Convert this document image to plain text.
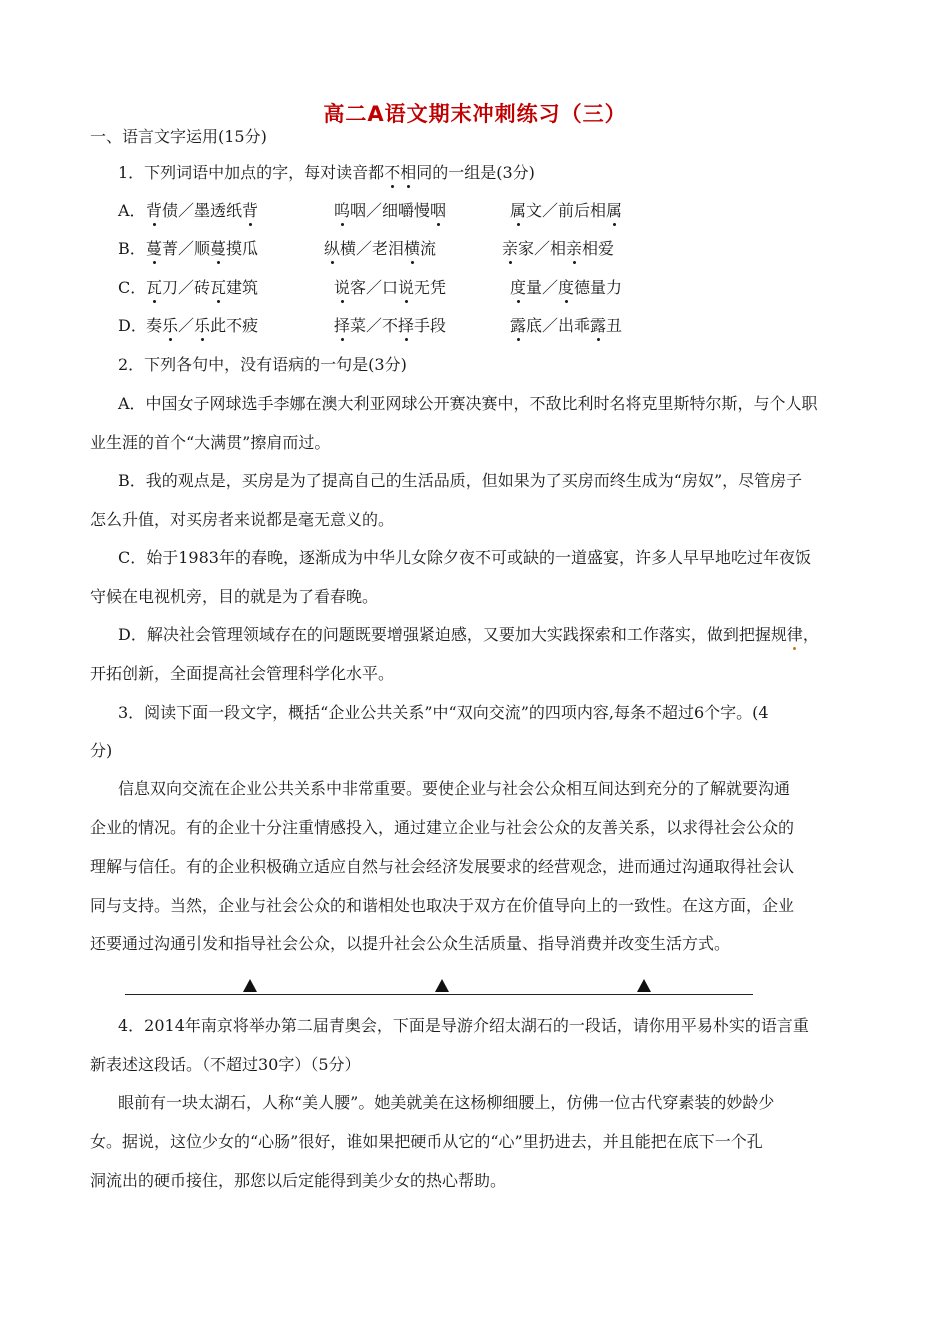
高二A语文期末冲刺练习（三）
一、语言文字运用(15分)
1．下列词语中加点的字，每对读音都不相同的一组是(3分)
A． 背债／墨透纸背	呜咽／细嚼慢咽	属文／前后相属
B． 蔓菁／顺蔓摸瓜	纵横／老泪横流	亲家／相亲相爱
C． 瓦刀／砖瓦建筑	说客／口说无凭	度量／度德量力
D． 奏乐／乐此不疲	择菜／不择手段	露底／出乖露丑
2．下列各句中，没有语病的一句是(3分)
A．中国女子网球选手李娜在澳大利亚网球公开赛决赛中，不敌比利时名将克里斯特尔斯，与个人职
业生涯的首个“大满贯”擦肩而过。
B．我的观点是，买房是为了提高自己的生活品质，但如果为了买房而终生成为“房奴”，尽管房子
怎么升值，对买房者来说都是毫无意义的。
C．始于1983年的春晚，逐渐成为中华儿女除夕夜不可或缺的一道盛宴，许多人早早地吃过年夜饭
守候在电视机旁，目的就是为了看春晚。
D．解决社会管理领域存在的问题既要增强紧迫感，又要加大实践探索和工作落实，做到把握规律，
开拓创新，全面提高社会管理科学化水平。
3．阅读下面一段文字，概括“企业公共关系”中“双向交流”的四项内容,每条不超过6个字。(4
分)
信息双向交流在企业公共关系中非常重要。要使企业与社会公众相互间达到充分的了解就要沟通
企业的情况。有的企业十分注重情感投入，通过建立企业与社会公众的友善关系，以求得社会公众的
理解与信任。有的企业积极确立适应自然与社会经济发展要求的经营观念，进而通过沟通取得社会认
同与支持。当然，企业与社会公众的和谐相处也取决于双方在价值导向上的一致性。在这方面，企业
还要通过沟通引发和指导社会公众，以提升社会公众生活质量、指导消费并改变生活方式。
4．2014年南京将举办第二届青奥会，下面是导游介绍太湖石的一段话，请你用平易朴实的语言重
新表述这段话。（不超过30字）（5分）
眼前有一块太湖石，人称“美人腰”。她美就美在这杨柳细腰上，仿佛一位古代穿素装的妙龄少
女。据说，这位少女的“心肠”很好，谁如果把硬币从它的“心”里扔进去，并且能把在底下一个孔
洞流出的硬币接住，那您以后定能得到美少女的热心帮助。
